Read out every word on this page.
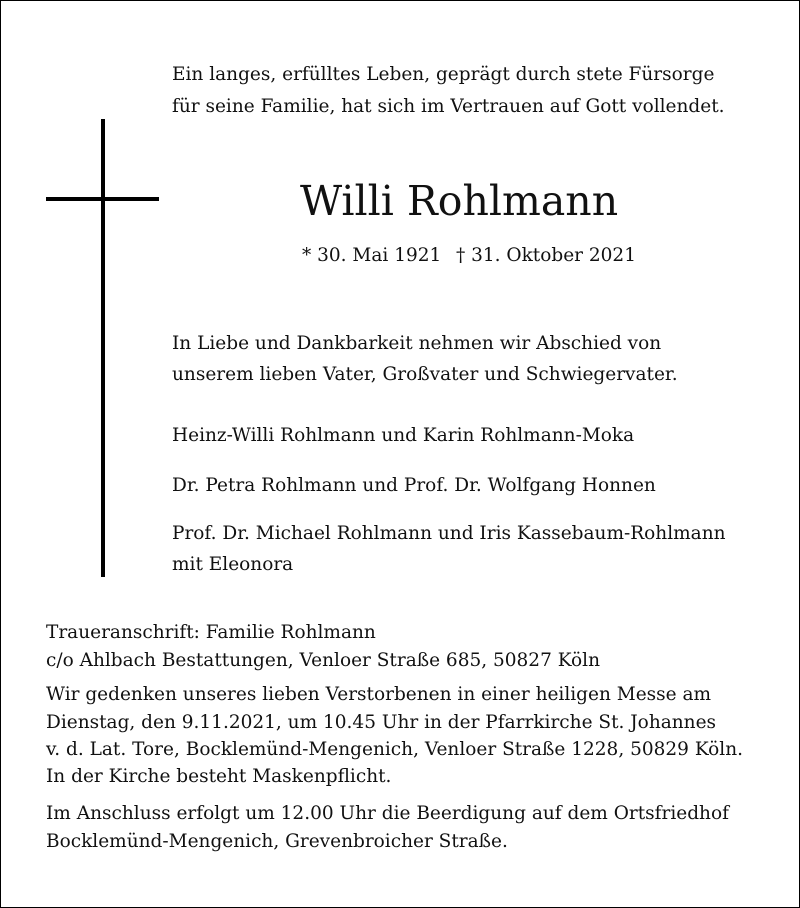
Ein langes, erfülltes Leben, geprägt durch stete Fürsorge
für seine Familie, hat sich im Vertrauen auf Gott vollendet.
Willi Rohlmann
* 30. Mai 1921 † 31. Oktober 2021
In Liebe und Dankbarkeit nehmen wir Abschied von
unserem lieben Vater, Großvater und Schwiegervater.
Heinz-Willi Rohlmann und Karin Rohlmann-Moka
Dr. Petra Rohlmann und Prof. Dr. Wolfgang Honnen
Prof. Dr. Michael Rohlmann und Iris Kassebaum-Rohlmann
mit Eleonora
Traueranschrift: Familie Rohlmann
c/o Ahlbach Bestattungen, Venloer Straße 685, 50827 Köln
Wir gedenken unseres lieben Verstorbenen in einer heiligen Messe am
Dienstag, den 9.11.2021, um 10.45 Uhr in der Pfarrkirche St. Johannes
v. d. Lat. Tore, Bocklemünd-Mengenich, Venloer Straße 1228, 50829 Köln.
In der Kirche besteht Maskenpflicht.
Im Anschluss erfolgt um 12.00 Uhr die Beerdigung auf dem Ortsfriedhof
Bocklemünd-Mengenich, Grevenbroicher Straße.
